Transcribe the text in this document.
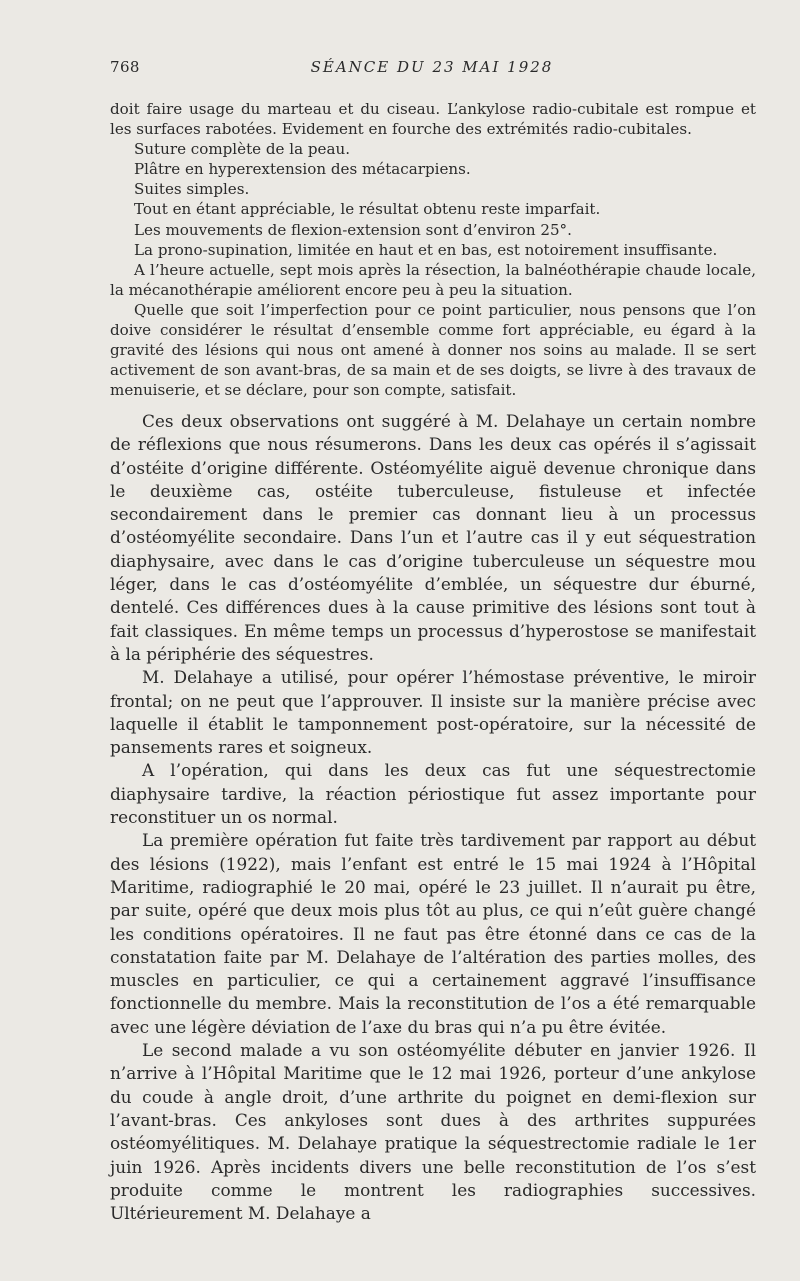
768	SÉANCE DU 23 MAI 1928

doit faire usage du marteau et du ciseau. L’ankylose radio-cubitale est rompue et les surfaces rabotées. Evidement en fourche des extrémités radio-cubitales.

Suture complète de la peau.

Plâtre en hyperextension des métacarpiens.

Suites simples.

Tout en étant appréciable, le résultat obtenu reste imparfait.

Les mouvements de flexion-extension sont d’environ 25°.

La prono-supination, limitée en haut et en bas, est notoirement insuffisante.

A l’heure actuelle, sept mois après la résection, la balnéothérapie chaude locale, la mécanothérapie améliorent encore peu à peu la situation.

Quelle que soit l’imperfection pour ce point particulier, nous pensons que l’on doive considérer le résultat d’ensemble comme fort appréciable, eu égard à la gravité des lésions qui nous ont amené à donner nos soins au malade. Il se sert activement de son avant-bras, de sa main et de ses doigts, se livre à des travaux de menuiserie, et se déclare, pour son compte, satisfait.

Ces deux observations ont suggéré à M. Delahaye un certain nombre de réflexions que nous résumerons. Dans les deux cas opérés il s’agissait d’ostéite d’origine différente. Ostéomyélite aiguë devenue chronique dans le deuxième cas, ostéite tuberculeuse, fistuleuse et infectée secondairement dans le premier cas donnant lieu à un processus d’ostéomyélite secondaire. Dans l’un et l’autre cas il y eut séquestration diaphysaire, avec dans le cas d’origine tuberculeuse un séquestre mou léger, dans le cas d’ostéomyélite d’emblée, un séquestre dur éburné, dentelé. Ces différences dues à la cause primitive des lésions sont tout à fait classiques. En même temps un processus d’hyperostose se manifestait à la périphérie des séquestres.

M. Delahaye a utilisé, pour opérer l’hémostase préventive, le miroir frontal; on ne peut que l’approuver. Il insiste sur la manière précise avec laquelle il établit le tamponnement post-opératoire, sur la nécessité de pansements rares et soigneux.

A l’opération, qui dans les deux cas fut une séquestrectomie diaphysaire tardive, la réaction périostique fut assez importante pour reconstituer un os normal.

La première opération fut faite très tardivement par rapport au début des lésions (1922), mais l’enfant est entré le 15 mai 1924 à l’Hôpital Maritime, radiographié le 20 mai, opéré le 23 juillet. Il n’aurait pu être, par suite, opéré que deux mois plus tôt au plus, ce qui n’eût guère changé les conditions opératoires. Il ne faut pas être étonné dans ce cas de la constatation faite par M. Delahaye de l’altération des parties molles, des muscles en particulier, ce qui a certainement aggravé l’insuffisance fonctionnelle du membre. Mais la reconstitution de l’os a été remarquable avec une légère déviation de l’axe du bras qui n’a pu être évitée.

Le second malade a vu son ostéomyélite débuter en janvier 1926. Il n’arrive à l’Hôpital Maritime que le 12 mai 1926, porteur d’une ankylose du coude à angle droit, d’une arthrite du poignet en demi-flexion sur l’avant-bras. Ces ankyloses sont dues à des arthrites suppurées ostéomyélitiques. M. Delahaye pratique la séquestrectomie radiale le 1er juin 1926. Après incidents divers une belle reconstitution de l’os s’est produite comme le montrent les radiographies successives. Ultérieurement M. Delahaye a
